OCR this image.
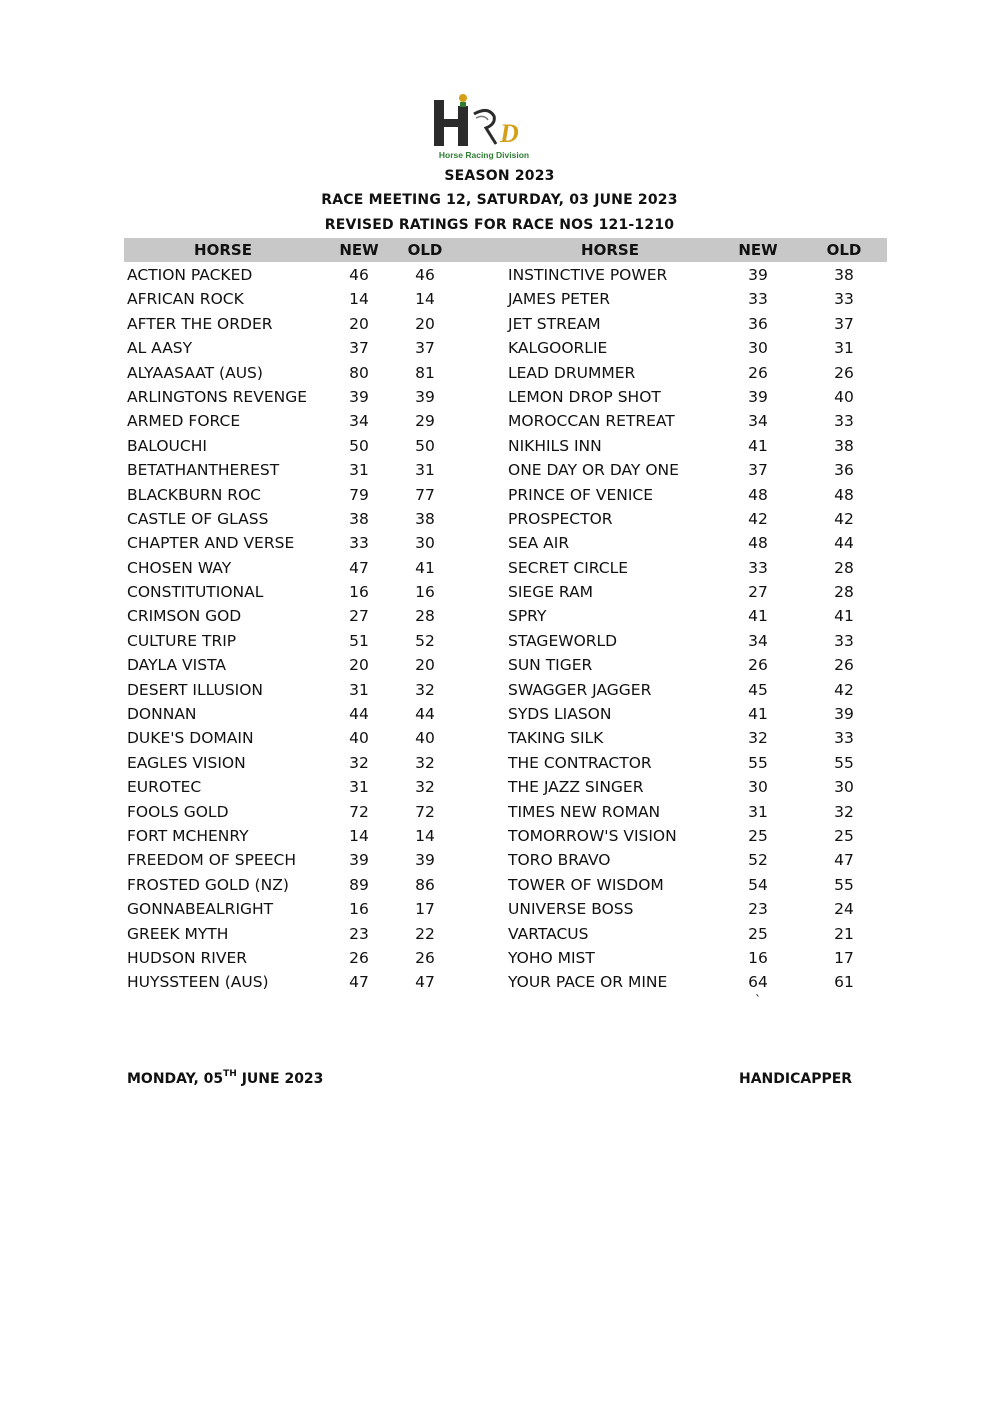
D
Horse Racing Division
SEASON 2023
RACE MEETING 12, SATURDAY, 03 JUNE 2023
REVISED RATINGS FOR RACE NOS 121-1210
HORSE	NEW	OLD	HORSE	NEW	OLD
ACTION PACKED	46	46	INSTINCTIVE POWER	39	38
AFRICAN ROCK	14	14	JAMES PETER	33	33
AFTER THE ORDER	20	20	JET STREAM	36	37
AL AASY	37	37	KALGOORLIE	30	31
ALYAASAAT (AUS)	80	81	LEAD DRUMMER	26	26
ARLINGTONS REVENGE	39	39	LEMON DROP SHOT	39	40
ARMED FORCE	34	29	MOROCCAN RETREAT	34	33
BALOUCHI	50	50	NIKHILS INN	41	38
BETATHANTHEREST	31	31	ONE DAY OR DAY ONE	37	36
BLACKBURN ROC	79	77	PRINCE OF VENICE	48	48
CASTLE OF GLASS	38	38	PROSPECTOR	42	42
CHAPTER AND VERSE	33	30	SEA AIR	48	44
CHOSEN WAY	47	41	SECRET CIRCLE	33	28
CONSTITUTIONAL	16	16	SIEGE RAM	27	28
CRIMSON GOD	27	28	SPRY	41	41
CULTURE TRIP	51	52	STAGEWORLD	34	33
DAYLA VISTA	20	20	SUN TIGER	26	26
DESERT ILLUSION	31	32	SWAGGER JAGGER	45	42
DONNAN	44	44	SYDS LIASON	41	39
DUKE'S DOMAIN	40	40	TAKING SILK	32	33
EAGLES VISION	32	32	THE CONTRACTOR	55	55
EUROTEC	31	32	THE JAZZ SINGER	30	30
FOOLS GOLD	72	72	TIMES NEW ROMAN	31	32
FORT MCHENRY	14	14	TOMORROW'S VISION	25	25
FREEDOM OF SPEECH	39	39	TORO BRAVO	52	47
FROSTED GOLD (NZ)	89	86	TOWER OF WISDOM	54	55
GONNABEALRIGHT	16	17	UNIVERSE BOSS	23	24
GREEK MYTH	23	22	VARTACUS	25	21
HUDSON RIVER	26	26	YOHO MIST	16	17
HUYSSTEEN (AUS)	47	47	YOUR PACE OR MINE	64	61
`
MONDAY, 05TH JUNE 2023	HANDICAPPER
